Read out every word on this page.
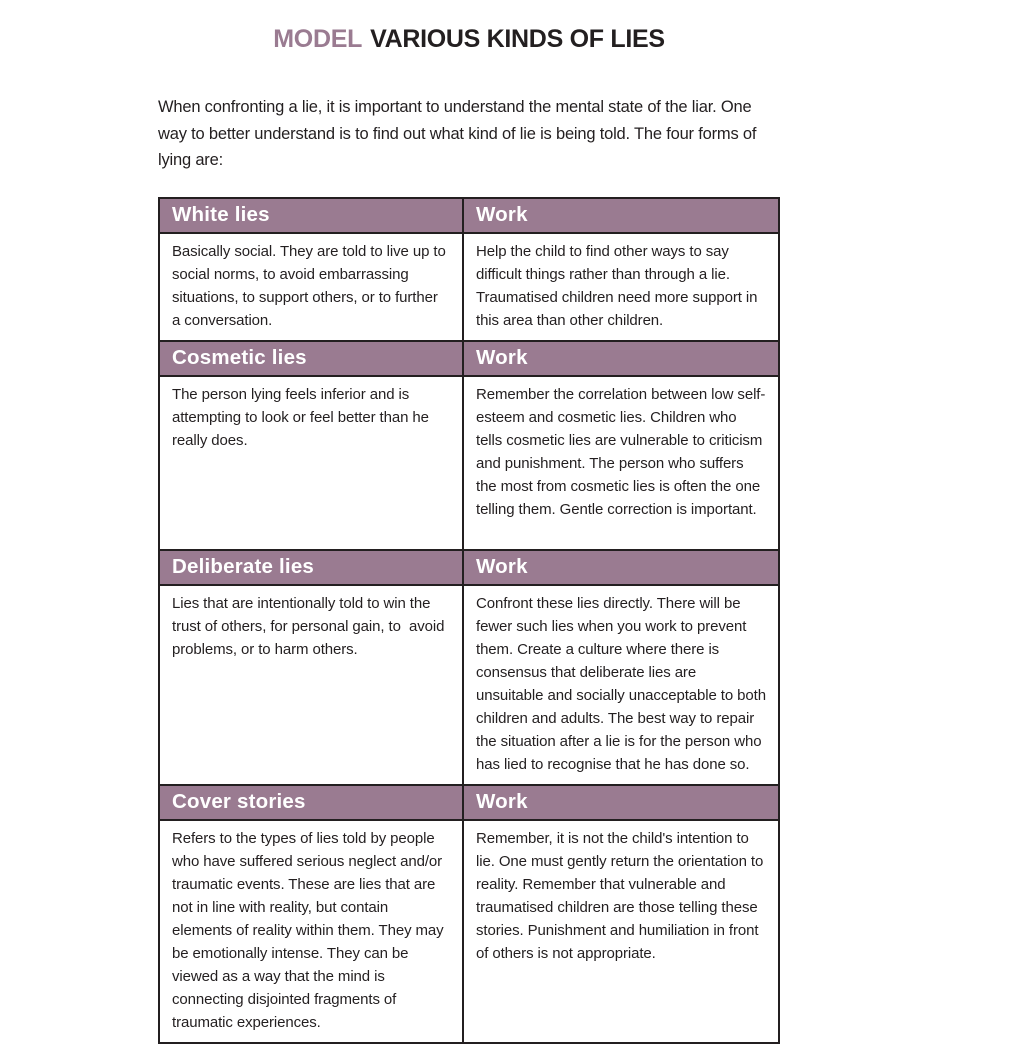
MODEL VARIOUS KINDS OF LIES

When confronting a lie, it is important to understand the mental state of the liar. One way to better understand is to find out what kind of lie is being told. The four forms of lying are:

White lies	Work
Basically social. They are told to live up to social norms, to avoid embarrassing situations, to support others, or to further a conversation.	Help the child to find other ways to say difficult things rather than through a lie. Traumatised children need more support in this area than other children.
Cosmetic lies	Work
The person lying feels inferior and is attempting to look or feel better than he really does.	Remember the correlation between low self-esteem and cosmetic lies. Children who tells cosmetic lies are vulnerable to criticism and punishment. The person who suffers the most from cosmetic lies is often the one telling them. Gentle correction is important.
Deliberate lies	Work
Lies that are intentionally told to win the trust of others, for personal gain, to  avoid problems, or to harm others.	Confront these lies directly. There will be fewer such lies when you work to prevent them. Create a culture where there is consensus that deliberate lies are unsuitable and socially unacceptable to both children and adults. The best way to repair the situation after a lie is for the person who has lied to recognise that he has done so.
Cover stories	Work
Refers to the types of lies told by people who have suffered serious neglect and/or traumatic events. These are lies that are not in line with reality, but contain elements of reality within them. They may be emotionally intense. They can be viewed as a way that the mind is connecting disjointed fragments of traumatic experiences.	Remember, it is not the child's intention to lie. One must gently return the orientation to reality. Remember that vulnerable and traumatised children are those telling these stories. Punishment and humiliation in front of others is not appropriate.
